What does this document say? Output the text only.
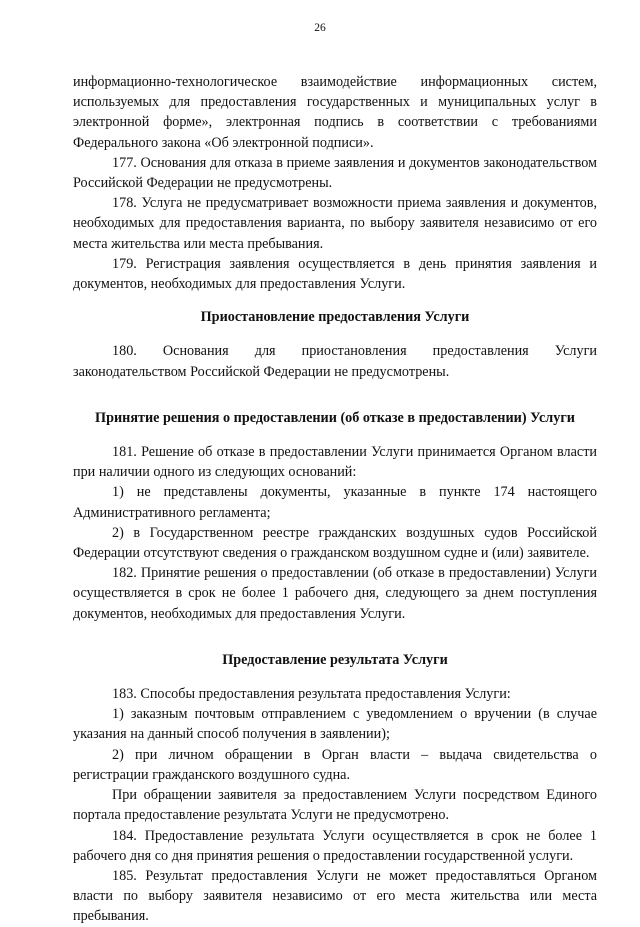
26

информационно-технологическое взаимодействие информационных систем, используемых для предоставления государственных и муниципальных услуг в электронной форме», электронная подпись в соответствии с требованиями Федерального закона «Об электронной подписи».

177. Основания для отказа в приеме заявления и документов законодательством Российской Федерации не предусмотрены.

178. Услуга не предусматривает возможности приема заявления и документов, необходимых для предоставления варианта, по выбору заявителя независимо от его места жительства или места пребывания.

179. Регистрация заявления осуществляется в день принятия заявления и документов, необходимых для предоставления Услуги.

Приостановление предоставления Услуги

180. Основания для приостановления предоставления Услуги законодательством Российской Федерации не предусмотрены.

Принятие решения о предоставлении (об отказе в предоставлении) Услуги

181. Решение об отказе в предоставлении Услуги принимается Органом власти при наличии одного из следующих оснований:

1) не представлены документы, указанные в пункте 174 настоящего Административного регламента;

2) в Государственном реестре гражданских воздушных судов Российской Федерации отсутствуют сведения о гражданском воздушном судне и (или) заявителе.

182. Принятие решения о предоставлении (об отказе в предоставлении) Услуги осуществляется в срок не более 1 рабочего дня, следующего за днем поступления документов, необходимых для предоставления Услуги.

Предоставление результата Услуги

183. Способы предоставления результата предоставления Услуги:

1) заказным почтовым отправлением с уведомлением о вручении (в случае указания на данный способ получения в заявлении);

2) при личном обращении в Орган власти – выдача свидетельства о регистрации гражданского воздушного судна.

При обращении заявителя за предоставлением Услуги посредством Единого портала предоставление результата Услуги не предусмотрено.

184. Предоставление результата Услуги осуществляется в срок не более 1 рабочего дня со дня принятия решения о предоставлении государственной услуги.

185. Результат предоставления Услуги не может предоставляться Органом власти по выбору заявителя независимо от его места жительства или места пребывания.
